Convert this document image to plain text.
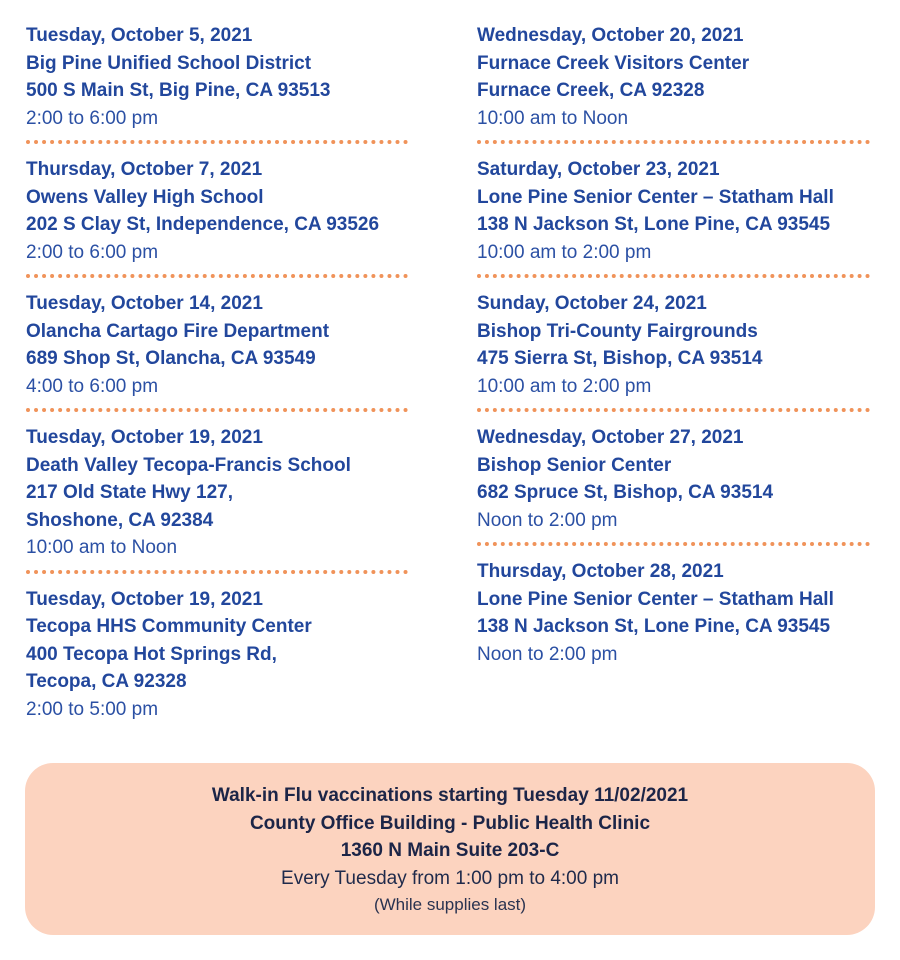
Tuesday, October 5, 2021
Big Pine Unified School District
500 S Main St, Big Pine, CA 93513
2:00 to 6:00 pm
Thursday, October 7, 2021
Owens Valley High School
202 S Clay St, Independence, CA 93526
2:00 to 6:00 pm
Tuesday, October 14, 2021
Olancha Cartago Fire Department
689 Shop St, Olancha, CA 93549
4:00 to 6:00 pm
Tuesday, October 19, 2021
Death Valley Tecopa-Francis School
217 Old State Hwy 127,
Shoshone, CA 92384
10:00 am to Noon
Tuesday, October 19, 2021
Tecopa HHS Community Center
400 Tecopa Hot Springs Rd,
Tecopa, CA 92328
2:00 to 5:00 pm
Wednesday, October 20, 2021
Furnace Creek Visitors Center
Furnace Creek, CA 92328
10:00 am to Noon
Saturday, October 23, 2021
Lone Pine Senior Center – Statham Hall
138 N Jackson St, Lone Pine, CA 93545
10:00 am to 2:00 pm
Sunday, October 24, 2021
Bishop Tri-County Fairgrounds
475 Sierra St, Bishop, CA 93514
10:00 am to 2:00 pm
Wednesday, October 27, 2021
Bishop Senior Center
682 Spruce St, Bishop, CA 93514
Noon to 2:00 pm
Thursday, October 28, 2021
Lone Pine Senior Center – Statham Hall
138 N Jackson St, Lone Pine, CA 93545
Noon to 2:00 pm
Walk-in Flu vaccinations starting Tuesday 11/02/2021
County Office Building - Public Health Clinic
1360 N Main Suite 203-C
Every Tuesday from 1:00 pm to 4:00 pm
(While supplies last)
